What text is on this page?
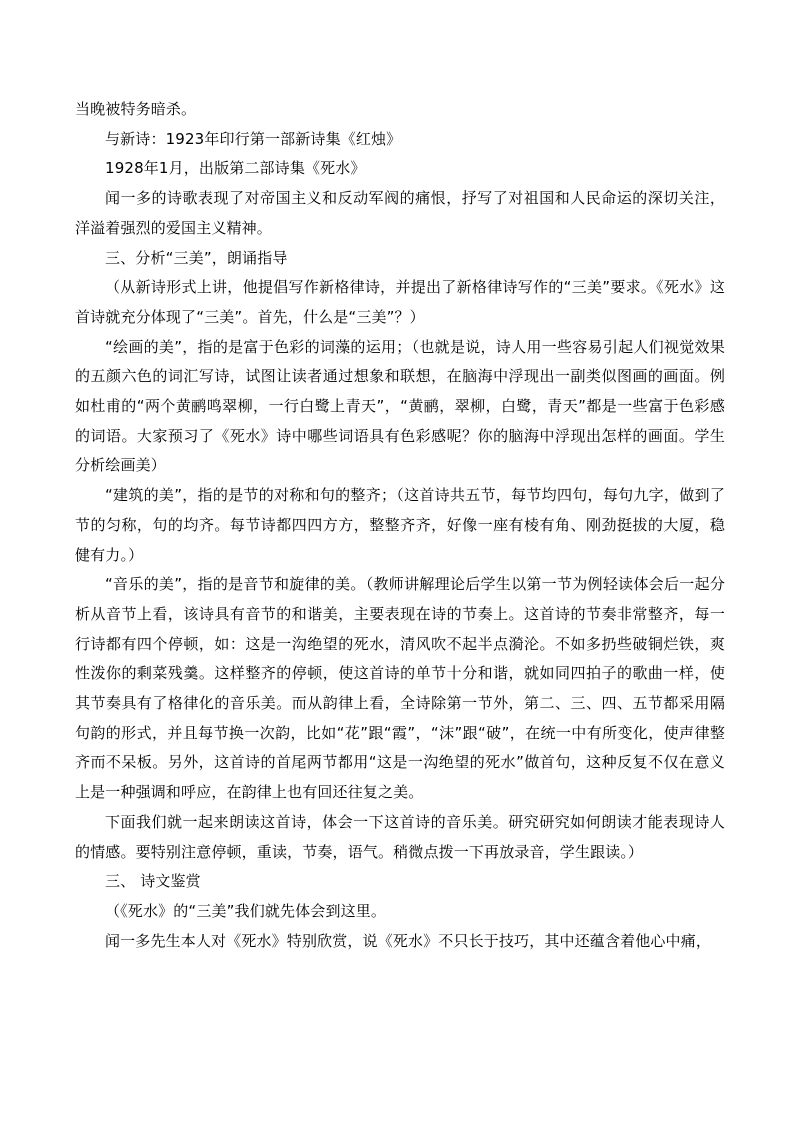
当晚被特务暗杀。

与新诗：1923年印行第一部新诗集《红烛》

1928年1月，出版第二部诗集《死水》

闻一多的诗歌表现了对帝国主义和反动军阀的痛恨，抒写了对祖国和人民命运的深切关注，洋溢着强烈的爱国主义精神。

三、分析“三美”，朗诵指导

（从新诗形式上讲，他提倡写作新格律诗，并提出了新格律诗写作的“三美”要求。《死水》这首诗就充分体现了“三美”。首先，什么是“三美”？）

“绘画的美”，指的是富于色彩的词藻的运用；（也就是说，诗人用一些容易引起人们视觉效果的五颜六色的词汇写诗，试图让读者通过想象和联想，在脑海中浮现出一副类似图画的画面。例如杜甫的“两个黄鹂鸣翠柳，一行白鹭上青天”，“黄鹂，翠柳，白鹭，青天”都是一些富于色彩感的词语。大家预习了《死水》诗中哪些词语具有色彩感呢？你的脑海中浮现出怎样的画面。学生分析绘画美）

“建筑的美”，指的是节的对称和句的整齐；（这首诗共五节，每节均四句，每句九字，做到了节的匀称，句的均齐。每节诗都四四方方，整整齐齐，好像一座有棱有角、刚劲挺拔的大厦，稳健有力。）

“音乐的美”，指的是音节和旋律的美。（教师讲解理论后学生以第一节为例轻读体会后一起分析从音节上看，该诗具有音节的和谐美，主要表现在诗的节奏上。这首诗的节奏非常整齐，每一行诗都有四个停顿，如：这是一沟绝望的死水，清风吹不起半点漪沦。不如多扔些破铜烂铁，爽性泼你的剩菜残羹。这样整齐的停顿，使这首诗的单节十分和谐，就如同四拍子的歌曲一样，使其节奏具有了格律化的音乐美。而从韵律上看，全诗除第一节外，第二、三、四、五节都采用隔句韵的形式，并且每节换一次韵，比如“花”跟“霞”，“沫”跟“破”，在统一中有所变化，使声律整齐而不呆板。另外，这首诗的首尾两节都用“这是一沟绝望的死水”做首句，这种反复不仅在意义上是一种强调和呼应，在韵律上也有回还往复之美。

下面我们就一起来朗读这首诗，体会一下这首诗的音乐美。研究研究如何朗读才能表现诗人的情感。要特别注意停顿，重读，节奏，语气。稍微点拨一下再放录音，学生跟读。）

三、 诗文鉴赏

（《死水》的“三美”我们就先体会到这里。

闻一多先生本人对《死水》特别欣赏，说《死水》不只长于技巧，其中还蕴含着他心中痛，
